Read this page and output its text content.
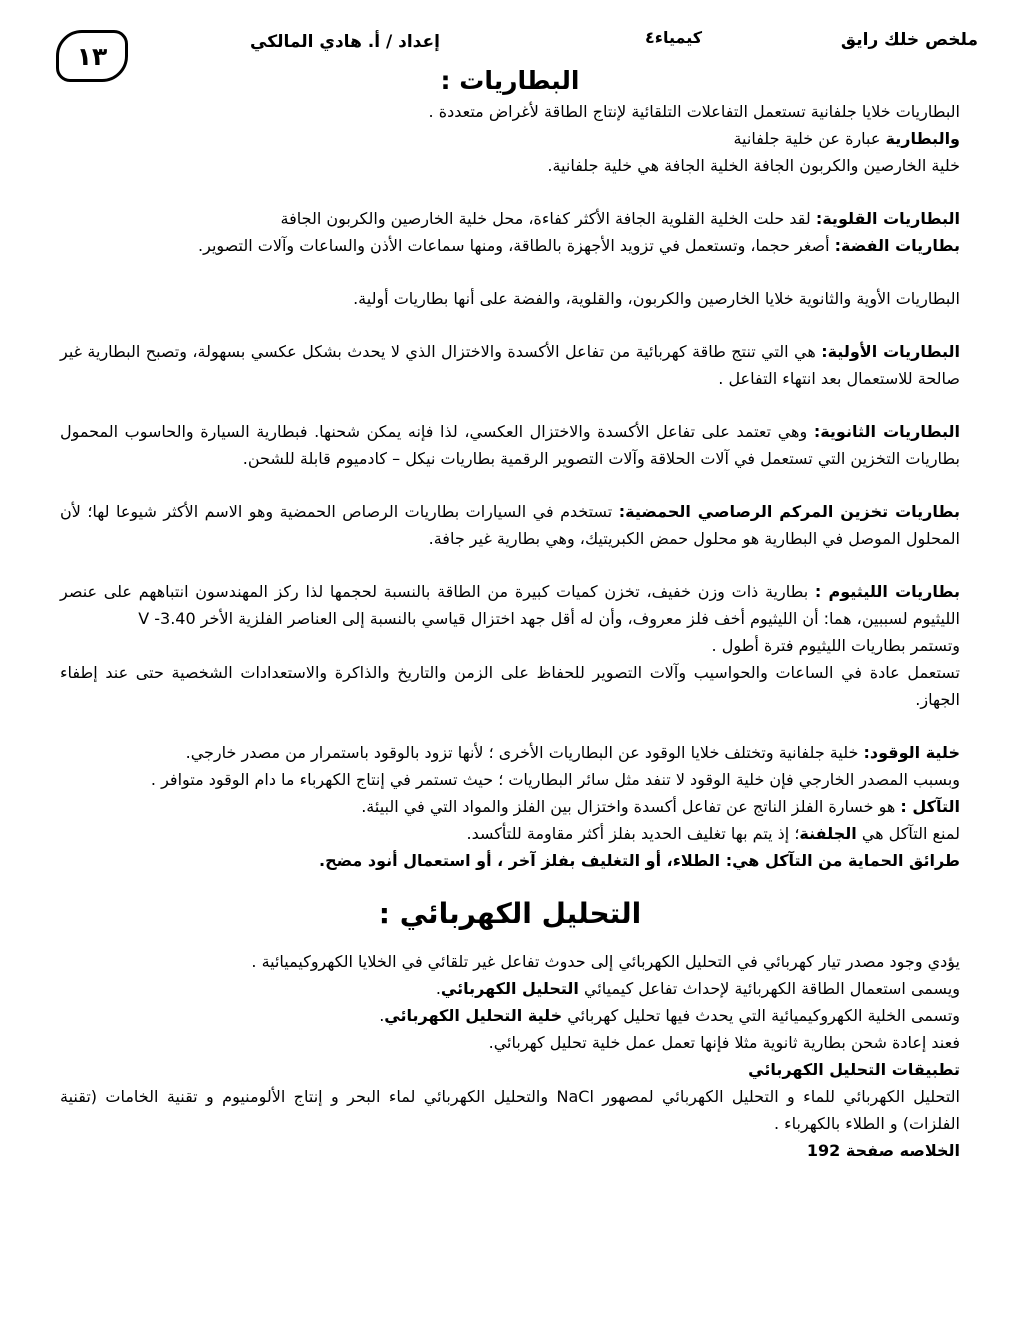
ملخص خلك رايق
كيمياء٤
إعداد / أ. هادي المالكي
١٣
البطاريات :

البطاريات خلايا جلفانية تستعمل التفاعلات التلقائية لإنتاج الطاقة لأغراض متعددة .

والبطارية عبارة عن خلية جلفانية

خلية الخارصين والكربون الجافة الخلية الجافة هي خلية جلفانية.

البطاريات القلوية: لقد حلت الخلية القلوية الجافة الأكثر كفاءة، محل خلية الخارصين والكربون الجافة

بطاريات الفضة: أصغر حجما، وتستعمل في تزويد الأجهزة بالطاقة، ومنها سماعات الأذن والساعات وآلات التصوير.

البطاريات الأوية والثانوية خلايا الخارصين والكربون، والقلوية، والفضة على أنها بطاريات أولية.

البطاريات الأولية: هي التي تنتج طاقة كهربائية من تفاعل الأكسدة والاختزال الذي لا يحدث بشكل عكسي بسهولة، وتصبح البطارية غير صالحة للاستعمال بعد انتهاء التفاعل .

البطاريات الثانوية: وهي تعتمد على تفاعل الأكسدة والاختزال العكسي، لذا فإنه يمكن شحنها. فبطارية السيارة والحاسوب المحمول بطاريات التخزين التي تستعمل في آلات الحلاقة وآلات التصوير الرقمية بطاريات نيكل – كادميوم قابلة للشحن.

بطاريات تخزين المركم الرصاصي الحمضية: تستخدم في السيارات بطاريات الرصاص الحمضية وهو الاسم الأكثر شيوعا لها؛ لأن المحلول الموصل في البطارية هو محلول حمض الكبريتيك، وهي بطارية غير جافة.

بطاريات الليثيوم : بطارية ذات وزن خفيف، تخزن كميات كبيرة من الطاقة بالنسبة لحجمها لذا ركز المهندسون انتباههم على عنصر الليثيوم لسببين، هما: أن الليثيوم أخف فلز معروف، وأن له أقل جهد اختزال قياسي بالنسبة إلى العناصر الفلزية الأخر V -3.40

وتستمر بطاريات الليثيوم فترة أطول .

تستعمل عادة في الساعات والحواسيب وآلات التصوير للحفاظ على الزمن والتاريخ والذاكرة والاستعدادات الشخصية حتى عند إطفاء الجهاز.

خلية الوقود: خلية جلفانية وتختلف خلايا الوقود عن البطاريات الأخرى ؛ لأنها تزود بالوقود باستمرار من مصدر خارجي.

وبسبب المصدر الخارجي فإن خلية الوقود لا تنفد مثل سائر البطاريات ؛ حيث تستمر في إنتاج الكهرباء ما دام الوقود متوافر .

التآكل : هو خسارة الفلز الناتج عن تفاعل أكسدة واختزال بين الفلز والمواد التي في البيئة.

لمنع التآكل هي الجلفنة؛ إذ يتم بها تغليف الحديد بفلز أكثر مقاومة للتأكسد.

طرائق الحماية من التآكل هي: الطلاء، أو التغليف بفلز آخر ، أو استعمال أنود مضح.

التحليل الكهربائي :

يؤدي وجود مصدر تيار كهربائي في التحليل الكهربائي إلى حدوث تفاعل غير تلقائي في الخلايا الكهروكيميائية .

ويسمى استعمال الطاقة الكهربائية لإحداث تفاعل كيميائي التحليل الكهربائي.

وتسمى الخلية الكهروكيميائية التي يحدث فيها تحليل كهربائي خلية التحليل الكهربائي.

فعند إعادة شحن بطارية ثانوية مثلا فإنها تعمل عمل خلية تحليل كهربائي.

تطبيقات التحليل الكهربائي

التحليل الكهربائي للماء و التحليل الكهربائي لمصهور NaCl والتحليل الكهربائي لماء البحر و إنتاج الألومنيوم و تقنية الخامات (تقنية الفلزات) و الطلاء بالكهرباء .

الخلاصه صفحة 192
